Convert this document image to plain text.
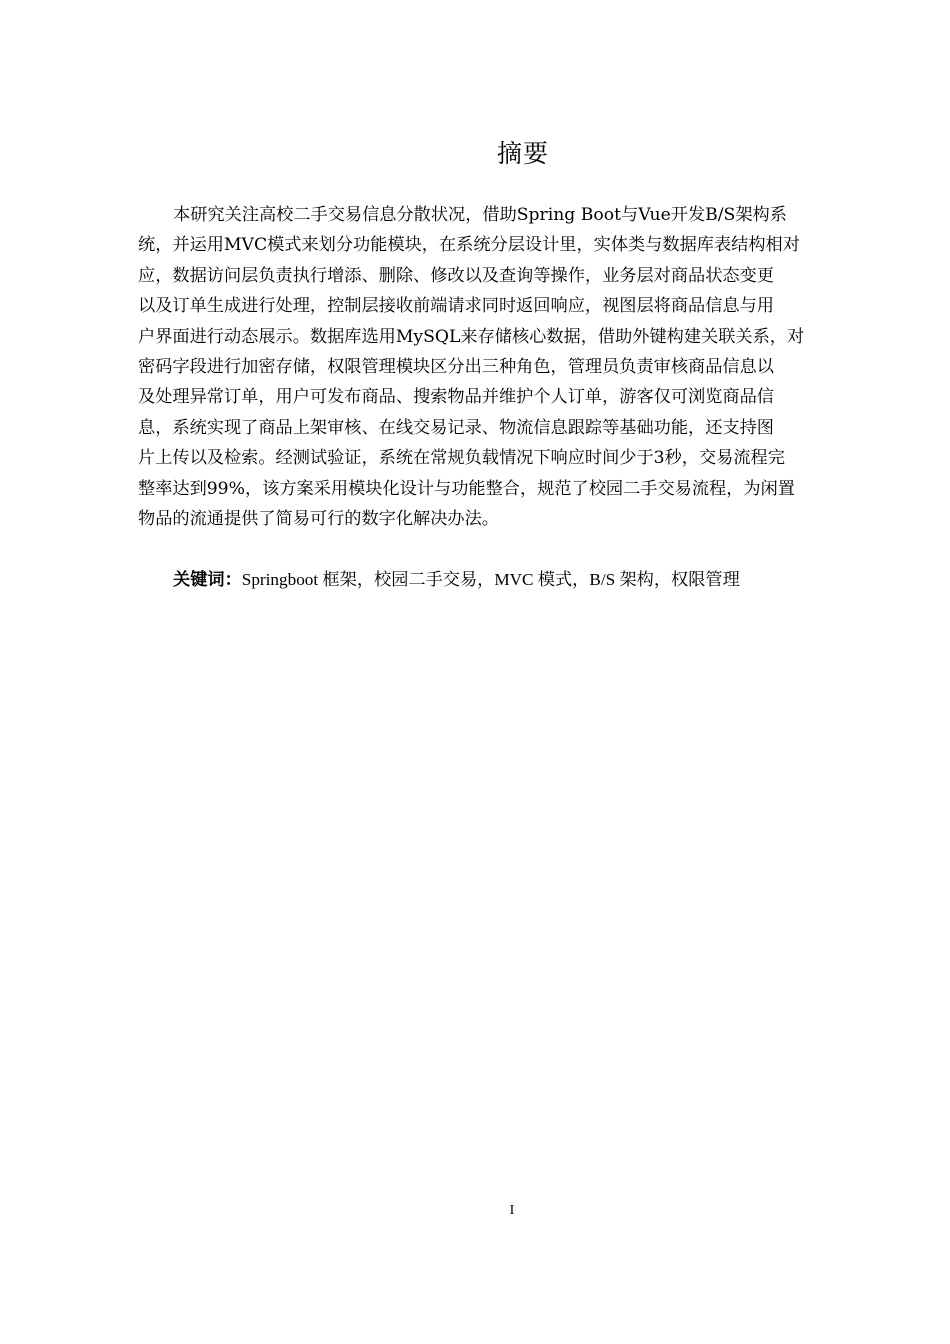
摘要
本研究关注高校二手交易信息分散状况，借助Spring Boot与Vue开发B/S架构系
统，并运用MVC模式来划分功能模块，在系统分层设计里，实体类与数据库表结构相对
应，数据访问层负责执行增添、删除、修改以及查询等操作，业务层对商品状态变更
以及订单生成进行处理，控制层接收前端请求同时返回响应，视图层将商品信息与用
户界面进行动态展示。数据库选用MySQL来存储核心数据，借助外键构建关联关系，对
密码字段进行加密存储，权限管理模块区分出三种角色，管理员负责审核商品信息以
及处理异常订单，用户可发布商品、搜索物品并维护个人订单，游客仅可浏览商品信
息，系统实现了商品上架审核、在线交易记录、物流信息跟踪等基础功能，还支持图
片上传以及检索。经测试验证，系统在常规负载情况下响应时间少于3秒，交易流程完
整率达到99%，该方案采用模块化设计与功能整合，规范了校园二手交易流程，为闲置
物品的流通提供了简易可行的数字化解决办法。
关键词：Springboot 框架，校园二手交易，MVC 模式，B/S 架构，权限管理
I
